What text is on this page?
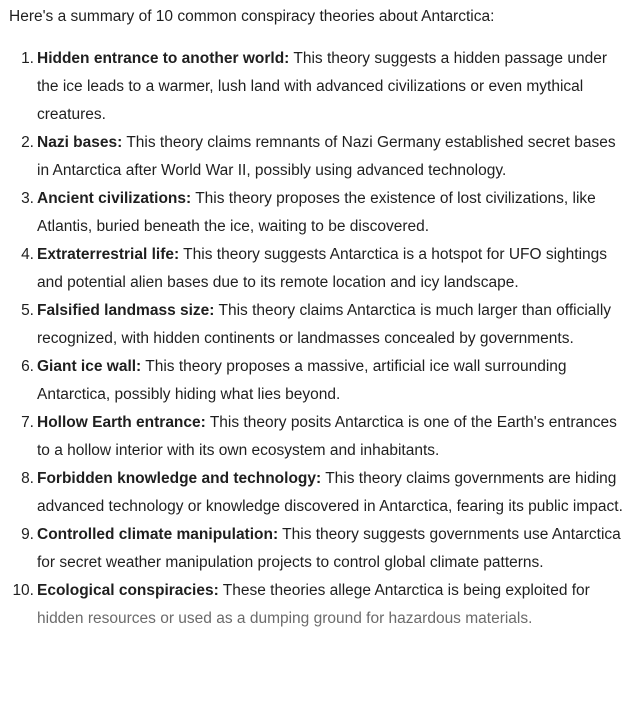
Here's a summary of 10 common conspiracy theories about Antarctica:

1. Hidden entrance to another world: This theory suggests a hidden passage under the ice leads to a warmer, lush land with advanced civilizations or even mythical creatures.
2. Nazi bases: This theory claims remnants of Nazi Germany established secret bases in Antarctica after World War II, possibly using advanced technology.
3. Ancient civilizations: This theory proposes the existence of lost civilizations, like Atlantis, buried beneath the ice, waiting to be discovered.
4. Extraterrestrial life: This theory suggests Antarctica is a hotspot for UFO sightings and potential alien bases due to its remote location and icy landscape.
5. Falsified landmass size: This theory claims Antarctica is much larger than officially recognized, with hidden continents or landmasses concealed by governments.
6. Giant ice wall: This theory proposes a massive, artificial ice wall surrounding Antarctica, possibly hiding what lies beyond.
7. Hollow Earth entrance: This theory posits Antarctica is one of the Earth's entrances to a hollow interior with its own ecosystem and inhabitants.
8. Forbidden knowledge and technology: This theory claims governments are hiding advanced technology or knowledge discovered in Antarctica, fearing its public impact.
9. Controlled climate manipulation: This theory suggests governments use Antarctica for secret weather manipulation projects to control global climate patterns.
10. Ecological conspiracies: These theories allege Antarctica is being exploited for
hidden resources or used as a dumping ground for hazardous materials.
